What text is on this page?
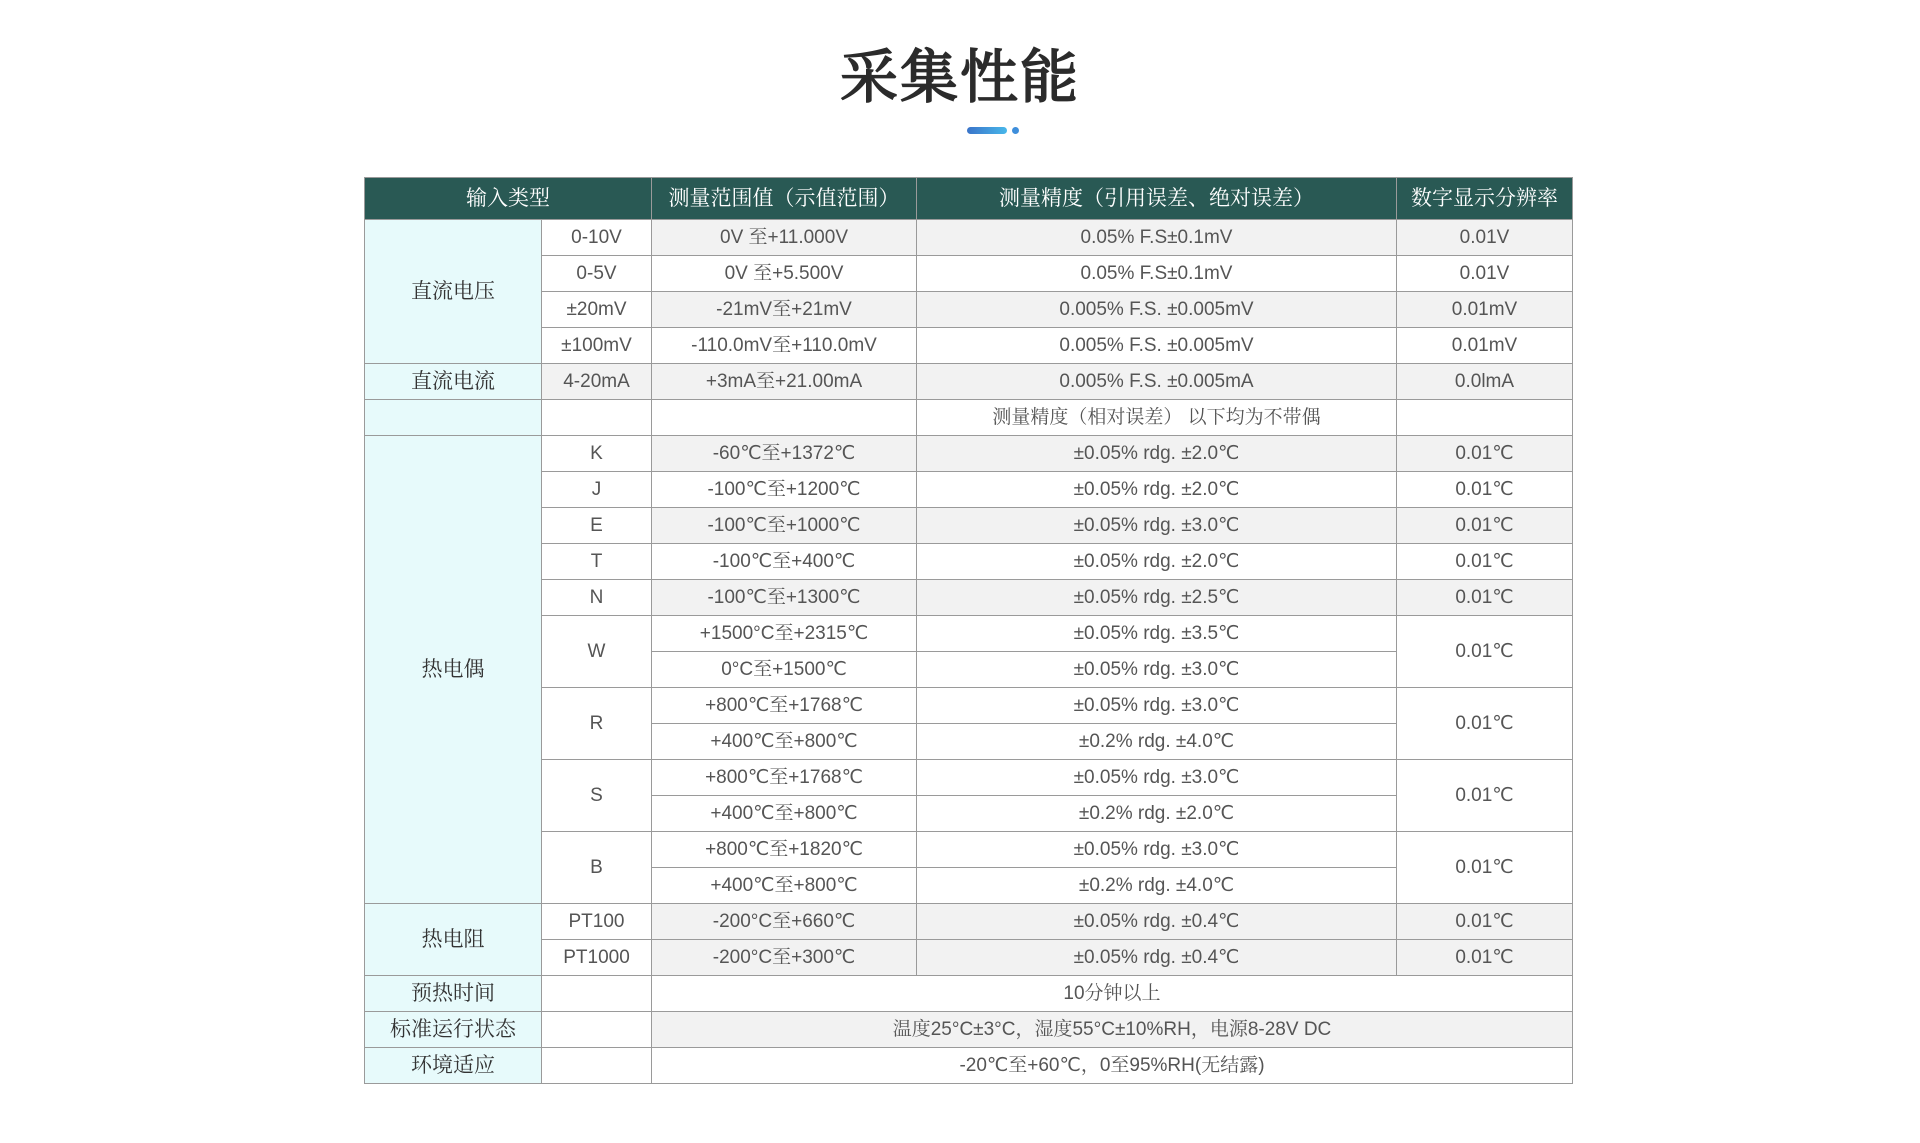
采集性能
输入类型		测量范围值（示值范围）	测量精度（引用误差、绝对误差）	数字显示分辨率
直流电压	0-10V	0V 至+11.000V	0.05% F.S±0.1mV	0.01V
	0-5V	0V 至+5.500V	0.05% F.S±0.1mV	0.01V
	±20mV	-21mV至+21mV	0.005% F.S. ±0.005mV	0.01mV
	±100mV	-110.0mV至+110.0mV	0.005% F.S. ±0.005mV	0.01mV
直流电流	4-20mA	+3mA至+21.00mA	0.005% F.S. ±0.005mA	0.0lmA
			测量精度（相对误差） 以下均为不带偶	
热电偶	K	-60℃至+1372℃	±0.05% rdg. ±2.0℃	0.01℃
	J	-100℃至+1200℃	±0.05% rdg. ±2.0℃	0.01℃
	E	-100℃至+1000℃	±0.05% rdg. ±3.0℃	0.01℃
	T	-100℃至+400℃	±0.05% rdg. ±2.0℃	0.01℃
	N	-100℃至+1300℃	±0.05% rdg. ±2.5℃	0.01℃
	W	+1500°C至+2315℃	±0.05% rdg. ±3.5℃	0.01℃
		0°C至+1500℃	±0.05% rdg. ±3.0℃	
	R	+800℃至+1768℃	±0.05% rdg. ±3.0℃	0.01℃
		+400℃至+800℃	±0.2% rdg. ±4.0℃	
	S	+800℃至+1768℃	±0.05% rdg. ±3.0℃	0.01℃
		+400℃至+800℃	±0.2% rdg. ±2.0℃	
	B	+800℃至+1820℃	±0.05% rdg. ±3.0℃	0.01℃
		+400℃至+800℃	±0.2% rdg. ±4.0℃	
热电阻	PT100	-200°C至+660℃	±0.05% rdg. ±0.4℃	0.01℃
	PT1000	-200°C至+300℃	±0.05% rdg. ±0.4℃	0.01℃
预热时间		10分钟以上		
标准运行状态		温度25°C±3°C，湿度55°C±10%RH，电源8-28V DC		
环境适应		-20℃至+60℃，0至95%RH(无结露)		
